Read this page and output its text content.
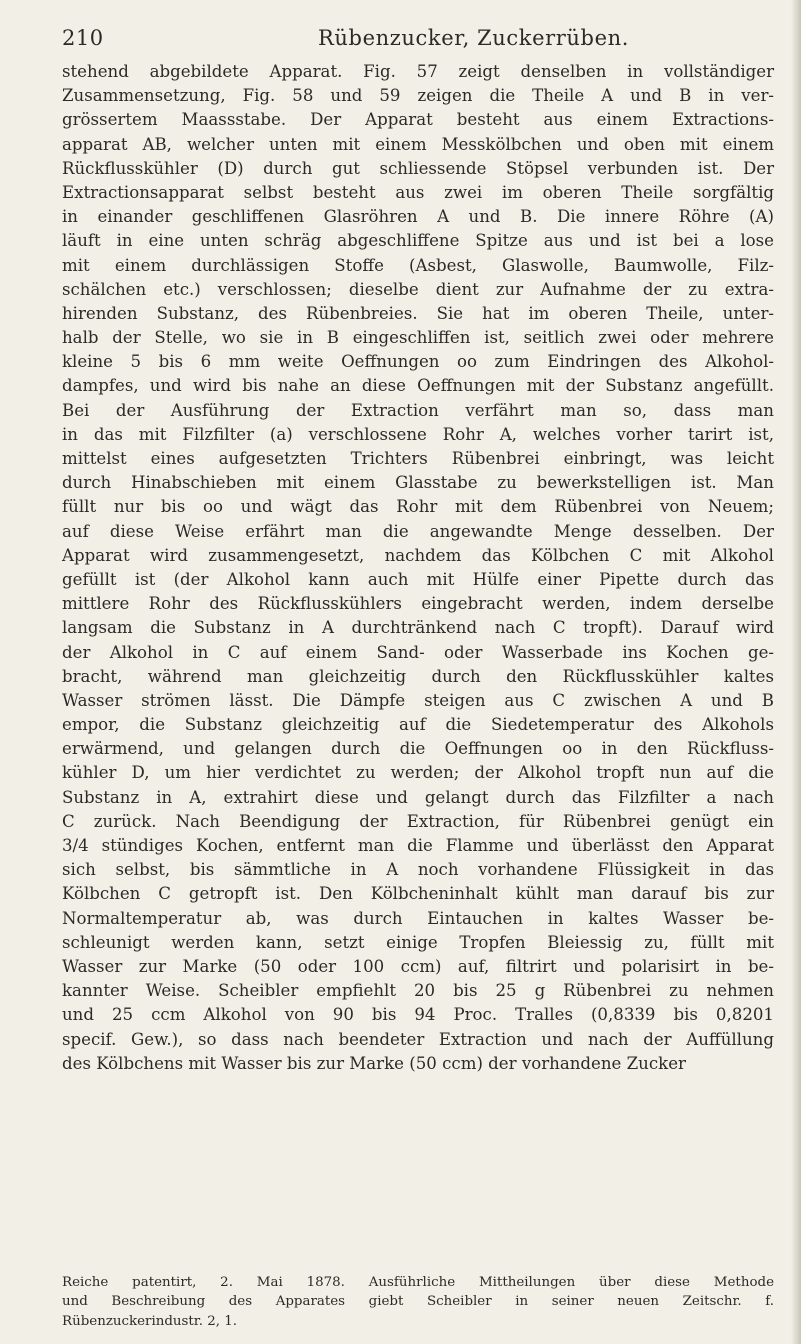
210	Rübenzucker, Zuckerrüben.
stehend abgebildete Apparat. Fig. 57 zeigt denselben in vollständiger
Zusammensetzung, Fig. 58 und 59 zeigen die Theile A und B in ver-
grössertem Maassstabe. Der Apparat besteht aus einem Extractions-
apparat AB, welcher unten mit einem Messkölbchen und oben mit einem
Rückflusskühler (D) durch gut schliessende Stöpsel verbunden ist. Der
Extractionsapparat selbst besteht aus zwei im oberen Theile sorgfältig
in einander geschliffenen Glasröhren A und B. Die innere Röhre (A)
läuft in eine unten schräg abgeschliffene Spitze aus und ist bei a lose
mit einem durchlässigen Stoffe (Asbest, Glaswolle, Baumwolle, Filz-
schälchen etc.) verschlossen; dieselbe dient zur Aufnahme der zu extra-
hirenden Substanz, des Rübenbreies. Sie hat im oberen Theile, unter-
halb der Stelle, wo sie in B eingeschliffen ist, seitlich zwei oder mehrere
kleine 5 bis 6 mm weite Oeffnungen oo zum Eindringen des Alkohol-
dampfes, und wird bis nahe an diese Oeffnungen mit der Substanz angefüllt.
Bei der Ausführung der Extraction verfährt man so, dass man
in das mit Filzfilter (a) verschlossene Rohr A, welches vorher tarirt ist,
mittelst eines aufgesetzten Trichters Rübenbrei einbringt, was leicht
durch Hinabschieben mit einem Glasstabe zu bewerkstelligen ist. Man
füllt nur bis oo und wägt das Rohr mit dem Rübenbrei von Neuem;
auf diese Weise erfährt man die angewandte Menge desselben. Der
Apparat wird zusammengesetzt, nachdem das Kölbchen C mit Alkohol
gefüllt ist (der Alkohol kann auch mit Hülfe einer Pipette durch das
mittlere Rohr des Rückflusskühlers eingebracht werden, indem derselbe
langsam die Substanz in A durchtränkend nach C tropft). Darauf wird
der Alkohol in C auf einem Sand- oder Wasserbade ins Kochen ge-
bracht, während man gleichzeitig durch den Rückflusskühler kaltes
Wasser strömen lässt. Die Dämpfe steigen aus C zwischen A und B
empor, die Substanz gleichzeitig auf die Siedetemperatur des Alkohols
erwärmend, und gelangen durch die Oeffnungen oo in den Rückfluss-
kühler D, um hier verdichtet zu werden; der Alkohol tropft nun auf die
Substanz in A, extrahirt diese und gelangt durch das Filzfilter a nach
C zurück. Nach Beendigung der Extraction, für Rübenbrei genügt ein
3/4 stündiges Kochen, entfernt man die Flamme und überlässt den Apparat
sich selbst, bis sämmtliche in A noch vorhandene Flüssigkeit in das
Kölbchen C getropft ist. Den Kölbcheninhalt kühlt man darauf bis zur
Normaltemperatur ab, was durch Eintauchen in kaltes Wasser be-
schleunigt werden kann, setzt einige Tropfen Bleiessig zu, füllt mit
Wasser zur Marke (50 oder 100 ccm) auf, filtrirt und polarisirt in be-
kannter Weise. Scheibler empfiehlt 20 bis 25 g Rübenbrei zu nehmen
und 25 ccm Alkohol von 90 bis 94 Proc. Tralles (0,8339 bis 0,8201
specif. Gew.), so dass nach beendeter Extraction und nach der Auffüllung
des Kölbchens mit Wasser bis zur Marke (50 ccm) der vorhandene Zucker
Reiche patentirt, 2. Mai 1878. Ausführliche Mittheilungen über diese Methode
und Beschreibung des Apparates giebt Scheibler in seiner neuen Zeitschr. f.
Rübenzuckerindustr. 2, 1.
